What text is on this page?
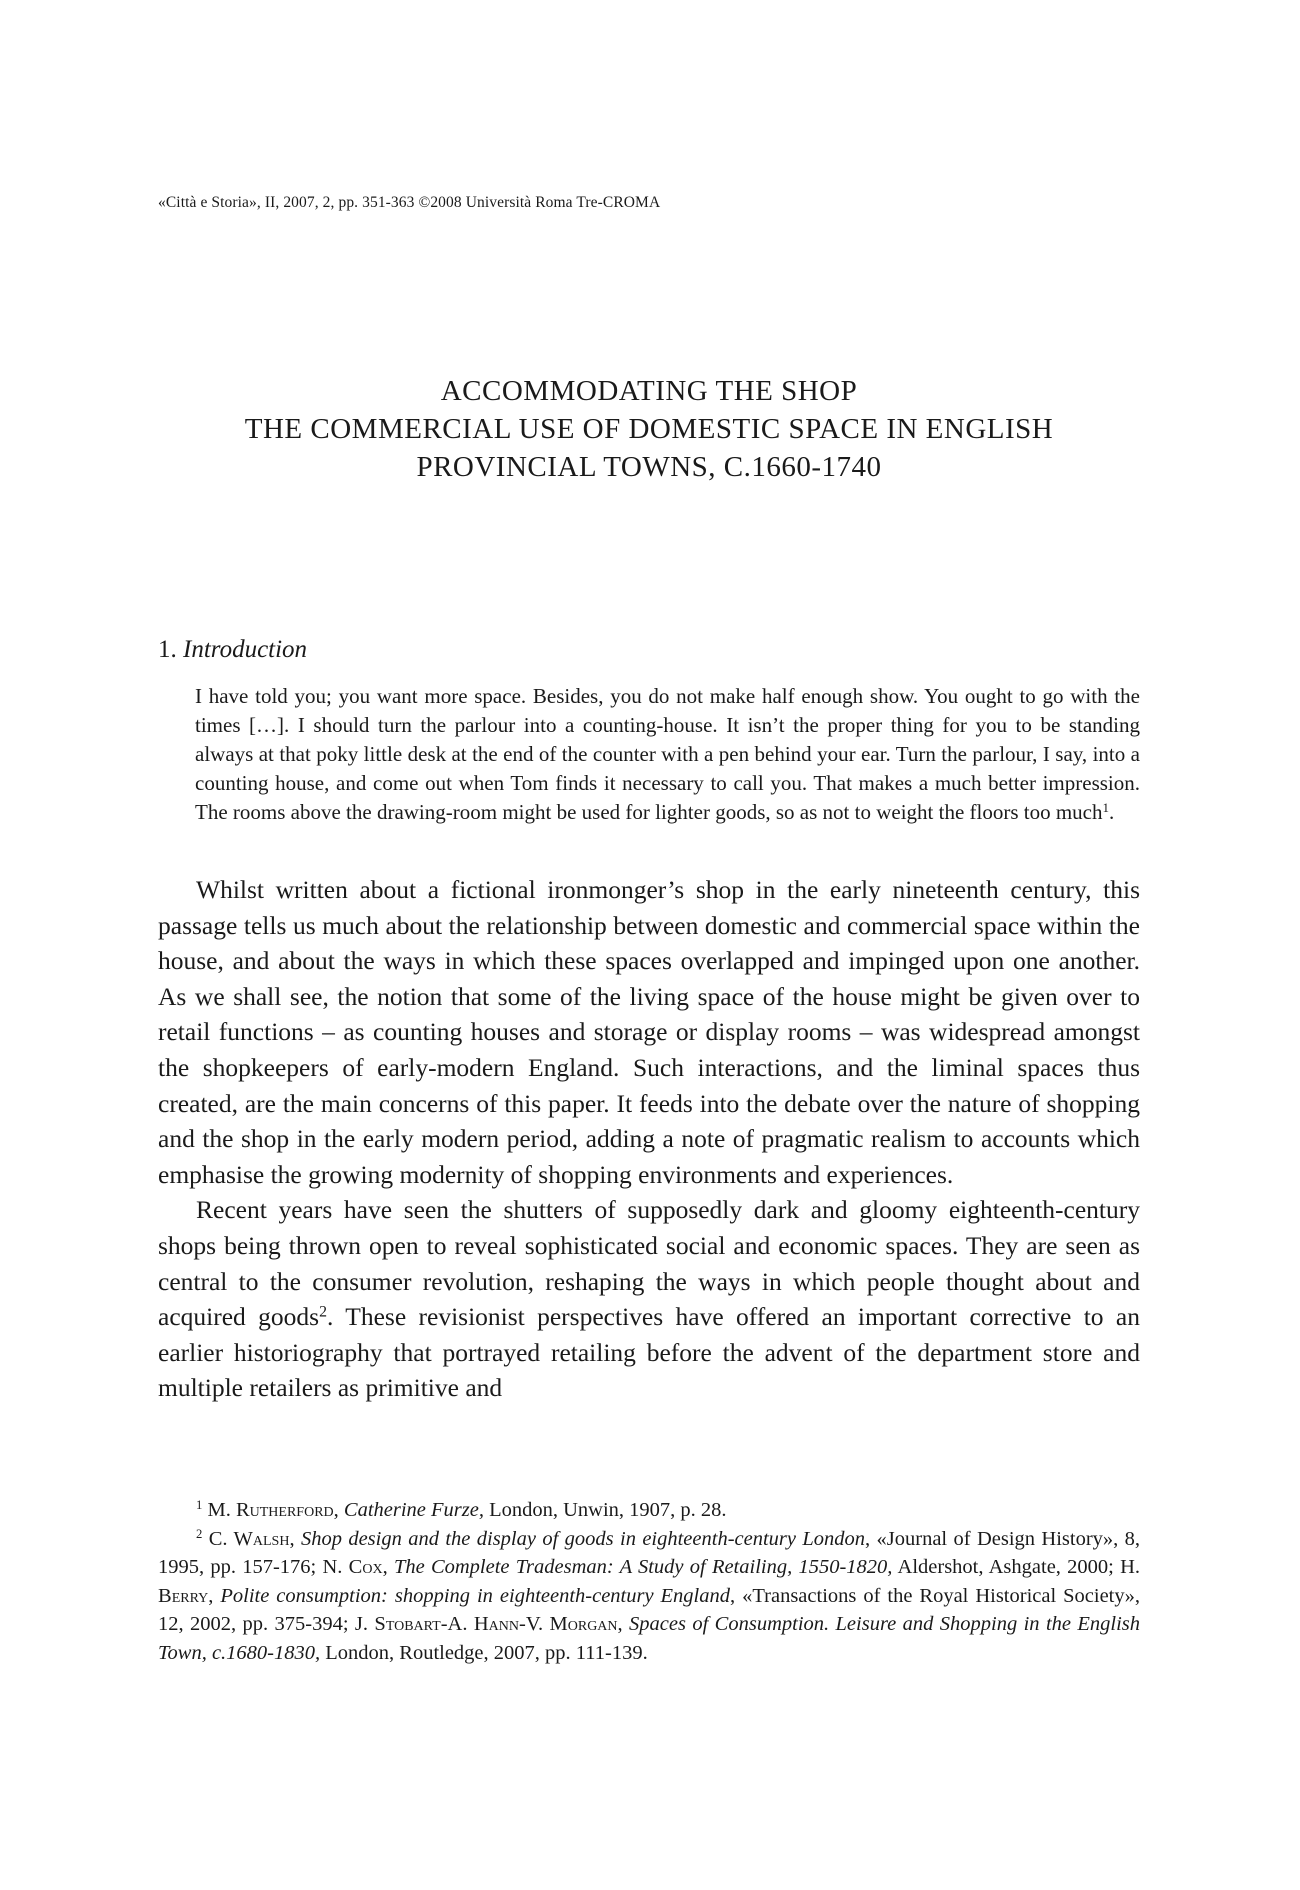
«Città e Storia», II, 2007, 2, pp. 351-363 ©2008 Università Roma Tre-CROMA
ACCOMMODATING THE SHOP
THE COMMERCIAL USE OF DOMESTIC SPACE IN ENGLISH
PROVINCIAL TOWNS, C.1660-1740
1. Introduction
I have told you; you want more space. Besides, you do not make half enough show. You ought to go with the times […]. I should turn the parlour into a counting-house. It isn’t the proper thing for you to be standing always at that poky little desk at the end of the counter with a pen behind your ear. Turn the parlour, I say, into a counting house, and come out when Tom finds it necessary to call you. That makes a much better impression. The rooms above the drawing-room might be used for lighter goods, so as not to weight the floors too much$^1$.

Whilst written about a fictional ironmonger’s shop in the early nineteenth century, this passage tells us much about the relationship between domestic and commercial space within the house, and about the ways in which these spaces overlapped and impinged upon one another. As we shall see, the notion that some of the living space of the house might be given over to retail functions – as counting houses and storage or display rooms – was widespread amongst the shopkeepers of early-modern England. Such interactions, and the liminal spaces thus created, are the main concerns of this paper. It feeds into the debate over the nature of shopping and the shop in the early modern period, adding a note of pragmatic realism to accounts which emphasise the growing modernity of shopping environments and experiences.

Recent years have seen the shutters of supposedly dark and gloomy eighteenth-century shops being thrown open to reveal sophisticated social and economic spaces. They are seen as central to the consumer revolution, reshaping the ways in which people thought about and acquired goods$^2$. These revisionist perspectives have offered an important corrective to an earlier historiography that portrayed retailing before the advent of the department store and multiple retailers as primitive and

$^1$ M. Rutherford, Catherine Furze, London, Unwin, 1907, p. 28.

$^2$ C. Walsh, Shop design and the display of goods in eighteenth-century London, «Journal of Design History», 8, 1995, pp. 157-176; N. Cox, The Complete Tradesman: A Study of Retailing, 1550-1820, Aldershot, Ashgate, 2000; H. Berry, Polite consumption: shopping in eighteenth-century England, «Transactions of the Royal Historical Society», 12, 2002, pp. 375-394; J. Stobart-A. Hann-V. Morgan, Spaces of Consumption. Leisure and Shopping in the English Town, c.1680-1830, London, Routledge, 2007, pp. 111-139.
